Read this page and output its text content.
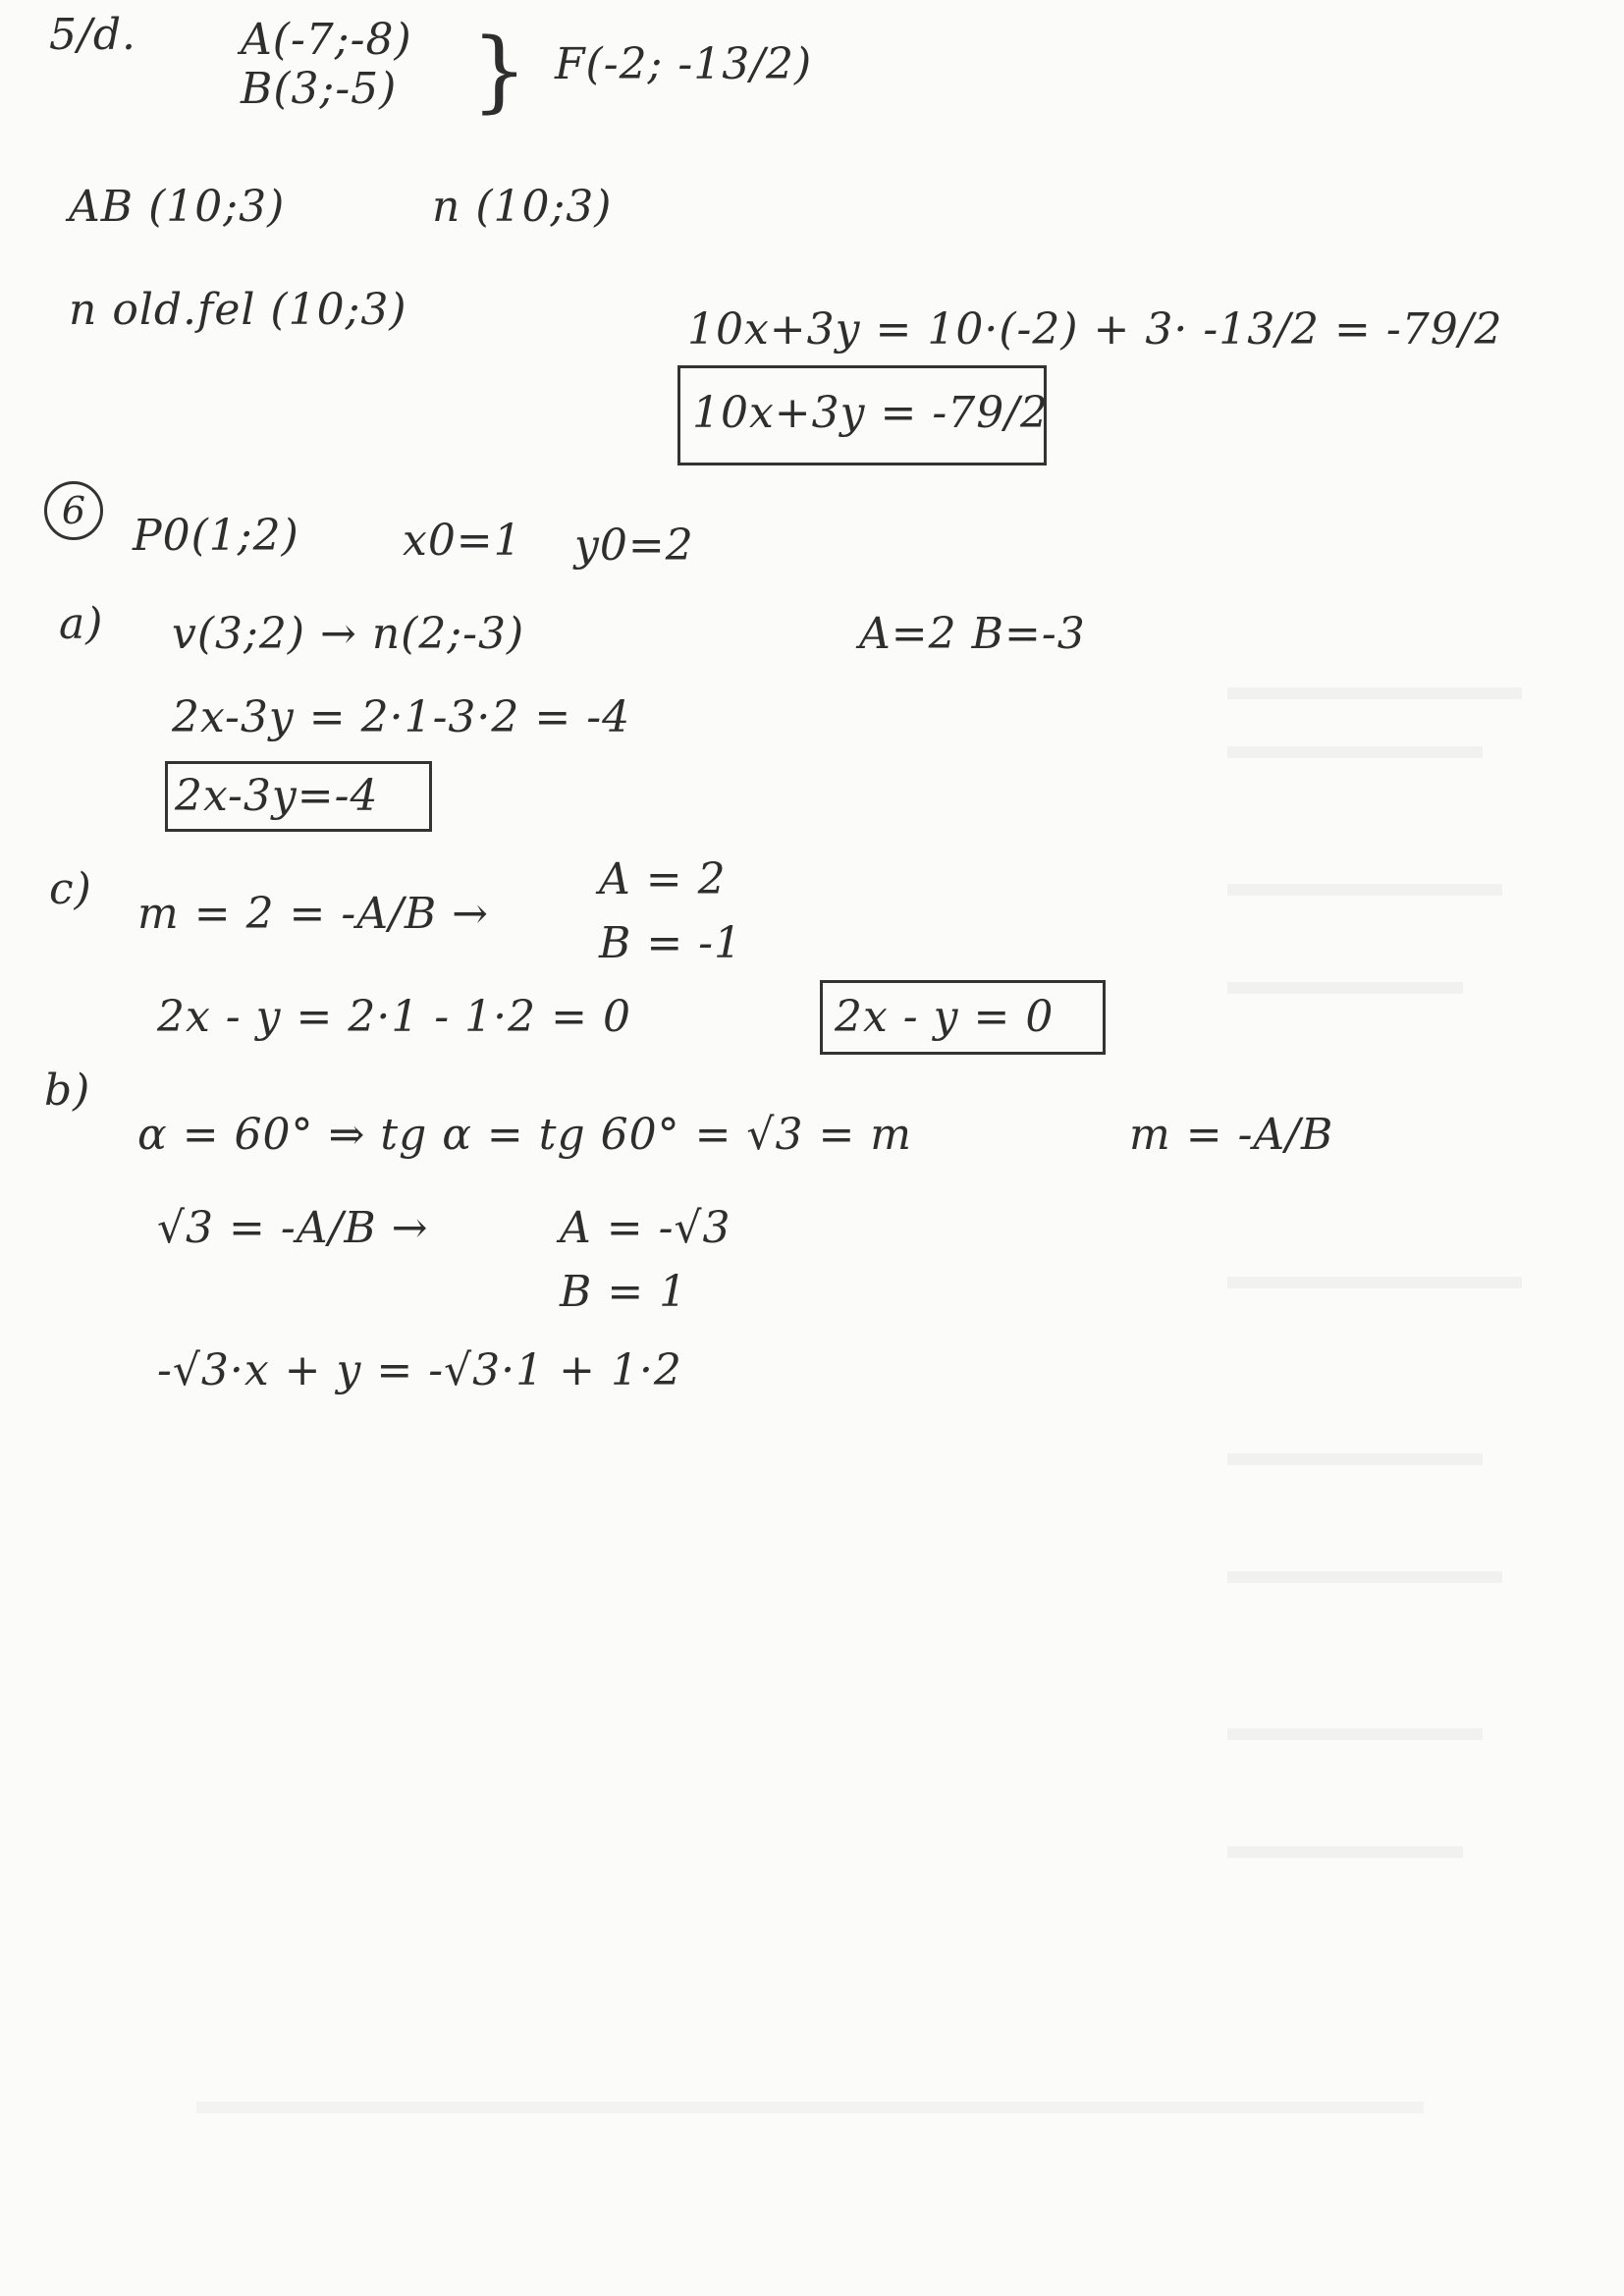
5/d. A(-7;-8)
B(3;-5) } F(-2; -13/2)
AB (10;3)	n (10;3)
n old.fel (10;3)	10x+3y = 10·(-2) + 3· -13/2 = -79/2
10x+3y = -79/2
6	P0(1;2) x0=1 y0=2
a) v(3;2) → n(2;-3)	A=2 B=-3
2x-3y = 2·1-3·2 = -4
2x-3y=-4
c) m = 2 = -A/B →
A = 2
B = -1
2x - y = 2·1 - 1·2 = 0	2x - y = 0
b)
α = 60° ⇒ tg α = tg 60° = √3 = m	m = -A/B
√3 = -A/B →	A = -√3
B = 1
-√3·x + y = -√3·1 + 1·2
